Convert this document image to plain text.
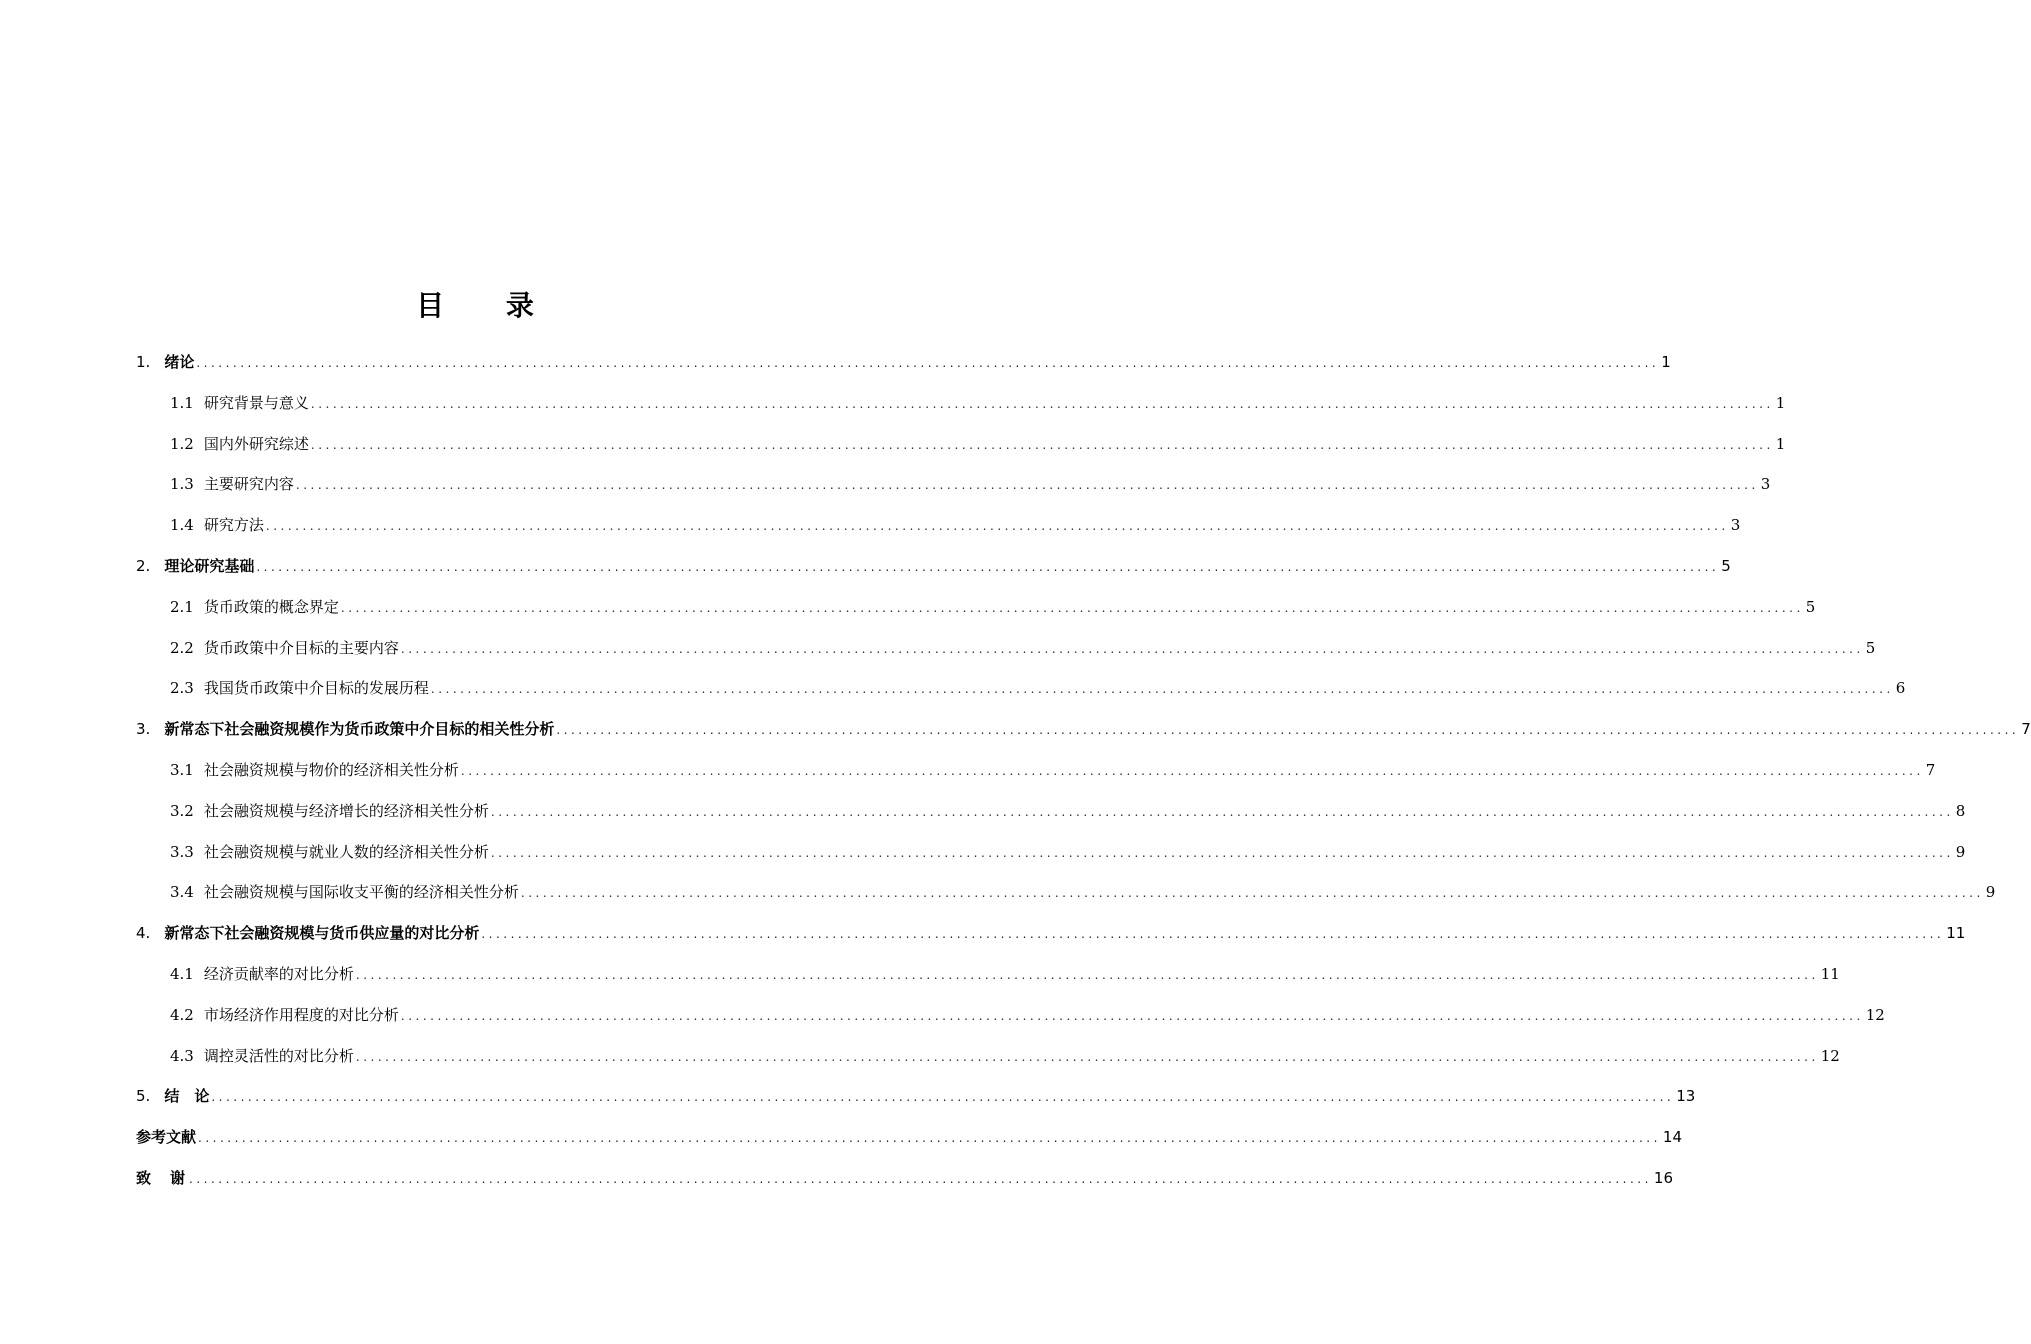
目 录
1. 绪论 ........................................................................................................................................................................................................ 1
1.1 研究背景与意义 ........................................................................................................................................................................................................ 1
1.2 国内外研究综述 ........................................................................................................................................................................................................ 1
1.3 主要研究内容 ........................................................................................................................................................................................................ 3
1.4 研究方法 ........................................................................................................................................................................................................ 3
2. 理论研究基础 ........................................................................................................................................................................................................ 5
2.1 货币政策的概念界定 ........................................................................................................................................................................................................ 5
2.2 货币政策中介目标的主要内容 ........................................................................................................................................................................................................ 5
2.3 我国货币政策中介目标的发展历程 ........................................................................................................................................................................................................ 6
3. 新常态下社会融资规模作为货币政策中介目标的相关性分析 ........................................................................................................................................................................................................ 7
3.1 社会融资规模与物价的经济相关性分析 ........................................................................................................................................................................................................ 7
3.2 社会融资规模与经济增长的经济相关性分析 ........................................................................................................................................................................................................ 8
3.3 社会融资规模与就业人数的经济相关性分析 ........................................................................................................................................................................................................ 9
3.4 社会融资规模与国际收支平衡的经济相关性分析 ........................................................................................................................................................................................................ 9
4. 新常态下社会融资规模与货币供应量的对比分析 ........................................................................................................................................................................................................ 11
4.1 经济贡献率的对比分析 ........................................................................................................................................................................................................ 11
4.2 市场经济作用程度的对比分析 ........................................................................................................................................................................................................ 12
4.3 调控灵活性的对比分析 ........................................................................................................................................................................................................ 12
5. 结　论 ........................................................................................................................................................................................................ 13
参考文献 ........................................................................................................................................................................................................ 14
致　谢 ........................................................................................................................................................................................................ 16
